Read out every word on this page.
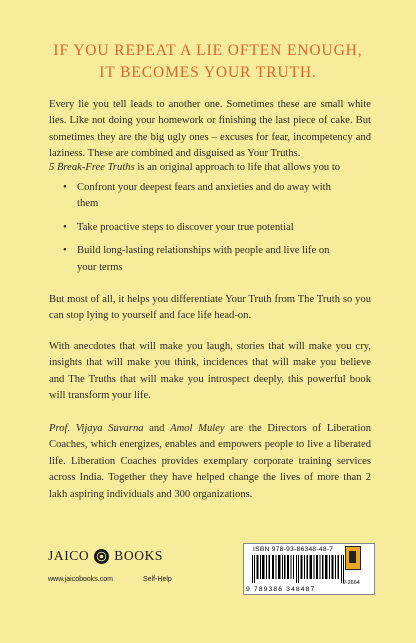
IF YOU REPEAT A LIE OFTEN ENOUGH,
IT BECOMES YOUR TRUTH.

Every lie you tell leads to another one. Sometimes these are small white lies. Like not doing your homework or finishing the last piece of cake. But sometimes they are the big ugly ones – excuses for fear, incompetency and laziness. These are combined and disguised as Your Truths.

5 Break-Free Truths is an original approach to life that allows you to

• Confront your deepest fears and anxieties and do away with them
• Take proactive steps to discover your true potential
• Build long-lasting relationships with people and live life on your terms

But most of all, it helps you differentiate Your Truth from The Truth so you can stop lying to yourself and face life head-on.

With anecdotes that will make you laugh, stories that will make you cry, insights that will make you think, incidences that will make you believe and The Truths that will make you introspect deeply, this powerful book will transform your life.

Prof. Vijaya Suvarna and Amol Muley are the Directors of Liberation Coaches, which energizes, enables and empowers people to live a liberated life. Liberation Coaches provides exemplary corporate training services across India. Together they have helped change the lives of more than 2 lakh aspiring individuals and 300 organizations.

JAICO BOOKS
www.jaicobooks.com	Self-Help
ISBN 978-93-86348-48-7
9 789386 348487
J-2664
